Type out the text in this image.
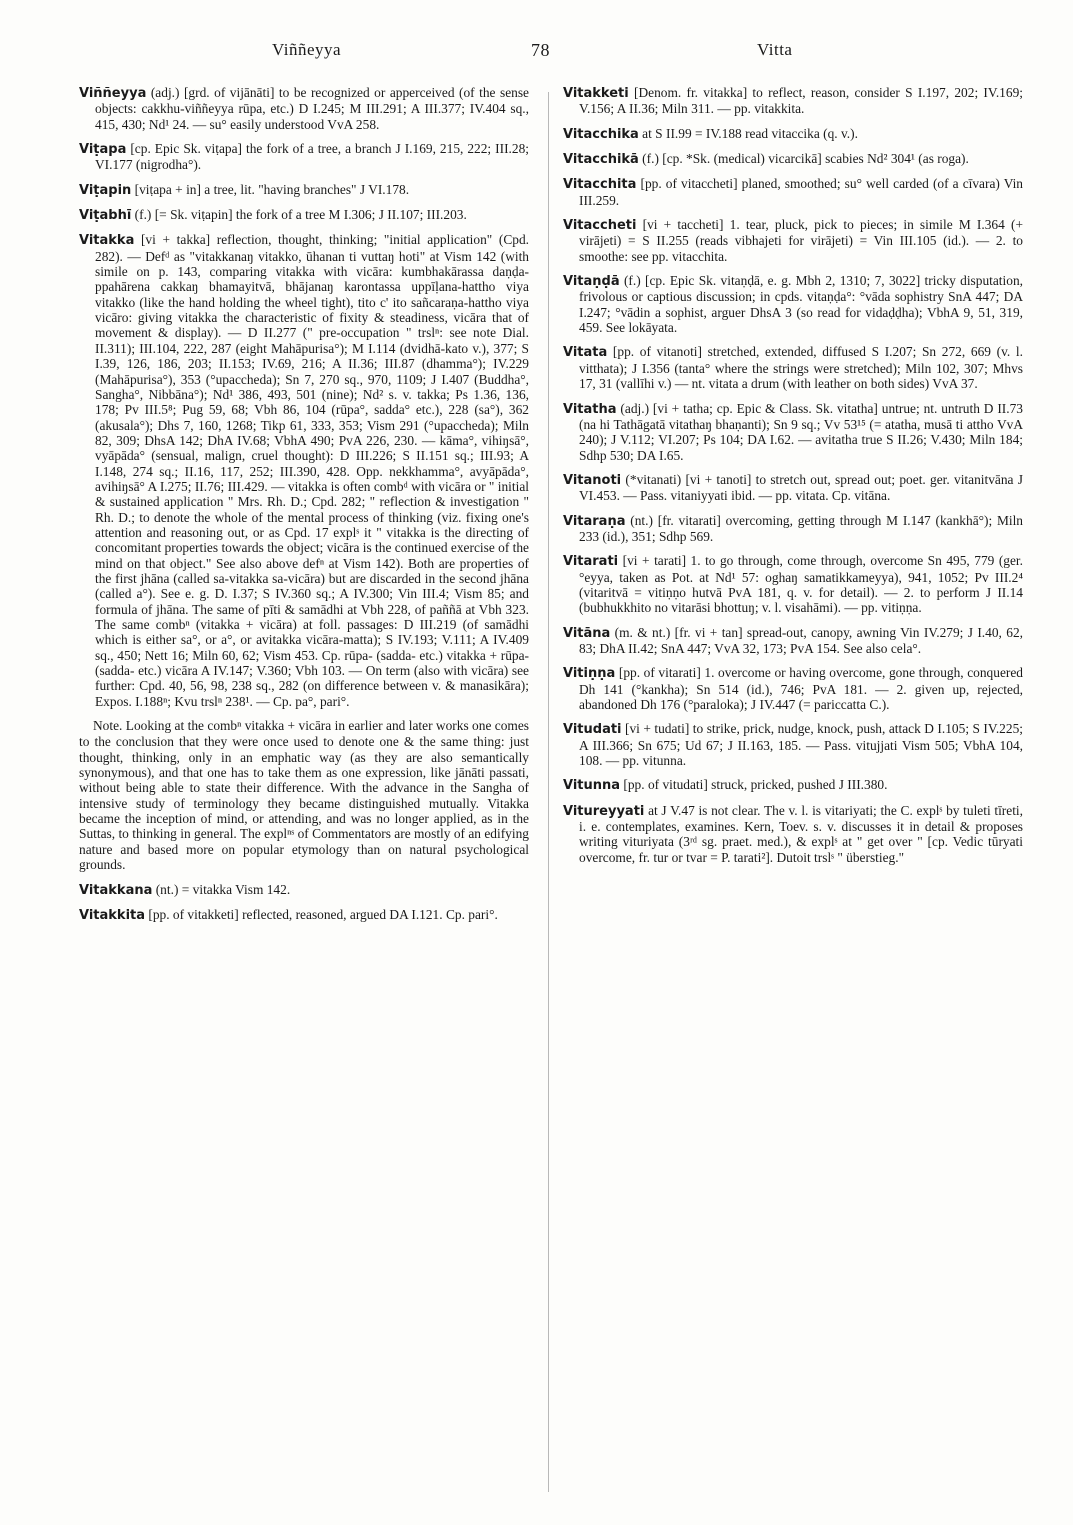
Viññeyya	78	Vitta

Viññeyya (adj.) [grd. of vijānāti] to be recognized or apperceived (of the sense objects: cakkhu-viññeyya rūpa, etc.) D I.245; M III.291; A III.377; IV.404 sq., 415, 430; Nd¹ 24. — su° easily understood VvA 258.

Viṭapa [cp. Epic Sk. viṭapa] the fork of a tree, a branch J I.169, 215, 222; III.28; VI.177 (nigrodha°).

Viṭapin [viṭapa + in] a tree, lit. "having branches" J VI.178.

Viṭabhī (f.) [= Sk. viṭapin] the fork of a tree M I.306; J II.107; III.203.

Vitakka [vi + takka] reflection, thought, thinking; "initial application" (Cpd. 282). — Defᵈ as "vitakkanaŋ vitakko, ūhanan ti vuttaŋ hoti" at Vism 142 (with simile on p. 143, comparing vitakka with vicāra: kumbhakārassa daṇḍa-ppahārena cakkaŋ bhamayitvā, bhājanaŋ karontassa uppīḷana-hattho viya vitakko (like the hand holding the wheel tight), tito c' ito sañcaraṇa-hattho viya vicāro: giving vitakka the characteristic of fixity & steadiness, vicāra that of movement & display). — D II.277 (" pre-occupation " trslⁿ: see note Dial. II.311); III.104, 222, 287 (eight Mahāpurisa°); M I.114 (dvidhā-kato v.), 377; S I.39, 126, 186, 203; II.153; IV.69, 216; A II.36; III.87 (dhamma°); IV.229 (Mahāpurisa°), 353 (°upaccheda); Sn 7, 270 sq., 970, 1109; J I.407 (Buddha°, Sangha°, Nibbāna°); Nd¹ 386, 493, 501 (nine); Nd² s. v. takka; Ps 1.36, 136, 178; Pv III.5⁸; Pug 59, 68; Vbh 86, 104 (rūpa°, sadda° etc.), 228 (sa°), 362 (akusala°); Dhs 7, 160, 1268; Tikp 61, 333, 353; Vism 291 (°upaccheda); Miln 82, 309; DhsA 142; DhA IV.68; VbhA 490; PvA 226, 230. — kāma°, vihiŋsā°, vyāpāda° (sensual, malign, cruel thought): D III.226; S II.151 sq.; III.93; A I.148, 274 sq.; II.16, 117, 252; III.390, 428. Opp. nekkhamma°, avyāpāda°, avihiŋsā° A I.275; II.76; III.429. — vitakka is often combᵈ with vicāra or " initial & sustained application " Mrs. Rh. D.; Cpd. 282; " reflection & investigation " Rh. D.; to denote the whole of the mental process of thinking (viz. fixing one's attention and reasoning out, or as Cpd. 17 explˢ it " vitakka is the directing of concomitant properties towards the object; vicāra is the continued exercise of the mind on that object." See also above defⁿ at Vism 142). Both are properties of the first jhāna (called sa-vitakka sa-vicāra) but are discarded in the second jhāna (called a°). See e. g. D. I.37; S IV.360 sq.; A IV.300; Vin III.4; Vism 85; and formula of jhāna. The same of pīti & samādhi at Vbh 228, of paññā at Vbh 323. The same combⁿ (vitakka + vicāra) at foll. passages: D III.219 (of samādhi which is either sa°, or a°, or avitakka vicāra-matta); S IV.193; V.111; A IV.409 sq., 450; Nett 16; Miln 60, 62; Vism 453. Cp. rūpa- (sadda- etc.) vitakka + rūpa- (sadda- etc.) vicāra A IV.147; V.360; Vbh 103. — On term (also with vicāra) see further: Cpd. 40, 56, 98, 238 sq., 282 (on difference between v. & manasikāra); Expos. I.188ⁿ; Kvu trslⁿ 238¹. — Cp. pa°, pari°.

Note. Looking at the combⁿ vitakka + vicāra in earlier and later works one comes to the conclusion that they were once used to denote one & the same thing: just thought, thinking, only in an emphatic way (as they are also semantically synonymous), and that one has to take them as one expression, like jānāti passati, without being able to state their difference. With the advance in the Sangha of intensive study of terminology they became distinguished mutually. Vitakka became the inception of mind, or attending, and was no longer applied, as in the Suttas, to thinking in general. The explⁿˢ of Commentators are mostly of an edifying nature and based more on popular etymology than on natural psychological grounds.

Vitakkana (nt.) = vitakka Vism 142.

Vitakkita [pp. of vitakketi] reflected, reasoned, argued DA I.121. Cp. pari°.

Vitakketi [Denom. fr. vitakka] to reflect, reason, consider S I.197, 202; IV.169; V.156; A II.36; Miln 311. — pp. vitakkita.

Vitacchika at S II.99 = IV.188 read vitaccika (q. v.).

Vitacchikā (f.) [cp. *Sk. (medical) vicarcikā] scabies Nd² 304¹ (as roga).

Vitacchita [pp. of vitaccheti] planed, smoothed; su° well carded (of a cīvara) Vin III.259.

Vitaccheti [vi + taccheti] 1. tear, pluck, pick to pieces; in simile M I.364 (+ virājeti) = S II.255 (reads vibhajeti for virājeti) = Vin III.105 (id.). — 2. to smoothe: see pp. vitacchita.

Vitaṇḍā (f.) [cp. Epic Sk. vitaṇḍā, e. g. Mbh 2, 1310; 7, 3022] tricky disputation, frivolous or captious discussion; in cpds. vitaṇḍa°: °vāda sophistry SnA 447; DA I.247; °vādin a sophist, arguer DhsA 3 (so read for vidaḍḍha); VbhA 9, 51, 319, 459. See lokāyata.

Vitata [pp. of vitanoti] stretched, extended, diffused S I.207; Sn 272, 669 (v. l. vitthata); J I.356 (tanta° where the strings were stretched); Miln 102, 307; Mhvs 17, 31 (vallīhi v.) — nt. vitata a drum (with leather on both sides) VvA 37.

Vitatha (adj.) [vi + tatha; cp. Epic & Class. Sk. vitatha] untrue; nt. untruth D II.73 (na hi Tathāgatā vitathaŋ bhaṇanti); Sn 9 sq.; Vv 53¹⁵ (= atatha, musā ti attho VvA 240); J V.112; VI.207; Ps 104; DA I.62. — avitatha true S II.26; V.430; Miln 184; Sdhp 530; DA I.65.

Vitanoti (*vitanati) [vi + tanoti] to stretch out, spread out; poet. ger. vitanitvāna J VI.453. — Pass. vitaniyyati ibid. — pp. vitata. Cp. vitāna.

Vitaraṇa (nt.) [fr. vitarati] overcoming, getting through M I.147 (kankhā°); Miln 233 (id.), 351; Sdhp 569.

Vitarati [vi + tarati] 1. to go through, come through, overcome Sn 495, 779 (ger. °eyya, taken as Pot. at Nd¹ 57: oghaŋ samatikkameyya), 941, 1052; Pv III.2⁴ (vitaritvā = vitiṇṇo hutvā PvA 181, q. v. for detail). — 2. to perform J II.14 (bubhukkhito no vitarāsi bhottuŋ; v. l. visahāmi). — pp. vitiṇṇa.

Vitāna (m. & nt.) [fr. vi + tan] spread-out, canopy, awning Vin IV.279; J I.40, 62, 83; DhA II.42; SnA 447; VvA 32, 173; PvA 154. See also cela°.

Vitiṇṇa [pp. of vitarati] 1. overcome or having overcome, gone through, conquered Dh 141 (°kankha); Sn 514 (id.), 746; PvA 181. — 2. given up, rejected, abandoned Dh 176 (°paraloka); J IV.447 (= pariccatta C.).

Vitudati [vi + tudati] to strike, prick, nudge, knock, push, attack D I.105; S IV.225; A III.366; Sn 675; Ud 67; J II.163, 185. — Pass. vitujjati Vism 505; VbhA 104, 108. — pp. vitunna.

Vitunna [pp. of vitudati] struck, pricked, pushed J III.380.

Vitureyyati at J V.47 is not clear. The v. l. is vitariyati; the C. explˢ by tuleti tīreti, i. e. contemplates, examines. Kern, Toev. s. v. discusses it in detail & proposes writing vituriyata (3ʳᵈ sg. praet. med.), & explˢ at " get over " [cp. Vedic tūryati overcome, fr. tur or tvar = P. tarati²]. Dutoit trslˢ " überstieg."
